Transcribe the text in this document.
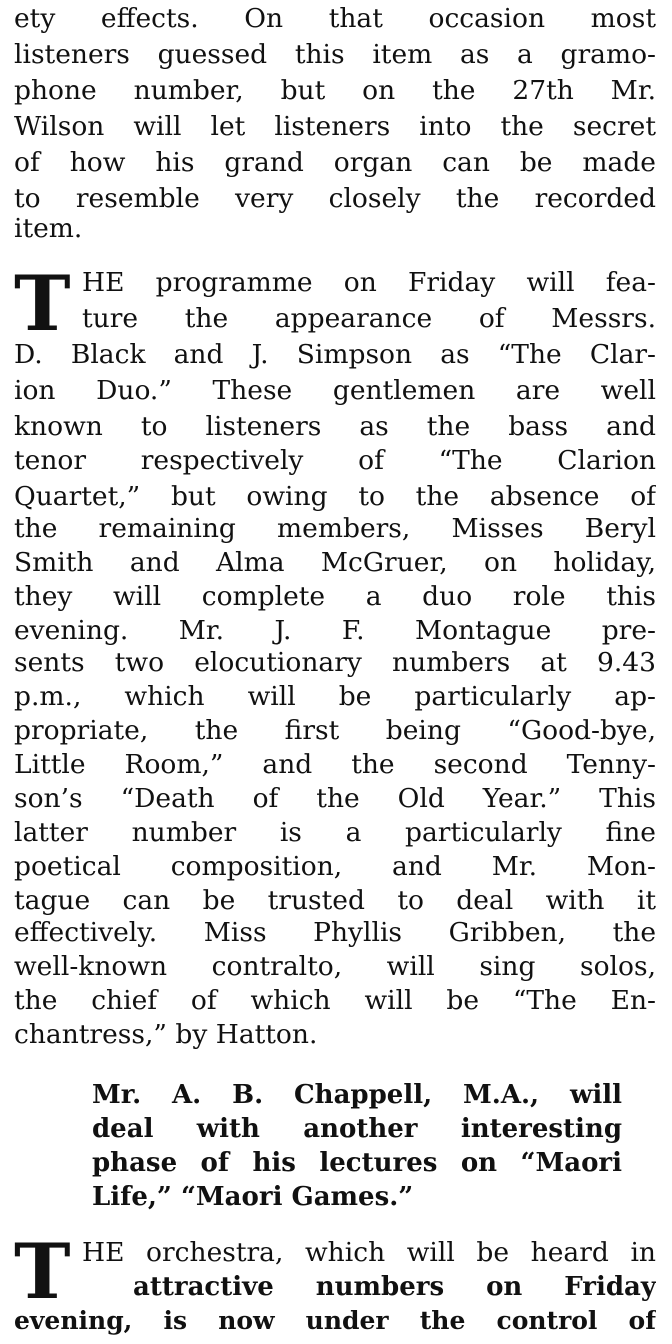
ety effects. On that occasion most
listeners guessed this item as a gramo-
phone number, but on the 27th Mr.
Wilson will let listeners into the secret
of how his grand organ can be made
to resemble very closely the recorded
item.
T HE programme on Friday will fea-
ture the appearance of Messrs.
D. Black and J. Simpson as “The Clar-
ion Duo.” These gentlemen are well
known to listeners as the bass and
tenor respectively of “The Clarion
Quartet,” but owing to the absence of
the remaining members, Misses Beryl
Smith and Alma McGruer, on holiday,
they will complete a duo role this
evening. Mr. J. F. Montague pre-
sents two elocutionary numbers at 9.43
p.m., which will be particularly ap-
propriate, the first being “Good-bye,
Little Room,” and the second Tenny-
son’s “Death of the Old Year.” This
latter number is a particularly fine
poetical composition, and Mr. Mon-
tague can be trusted to deal with it
effectively. Miss Phyllis Gribben, the
well-known contralto, will sing solos,
the chief of which will be “The En-
chantress,” by Hatton.
Mr. A. B. Chappell, M.A., will
deal with another interesting
phase of his lectures on “Maori
Life,” “Maori Games.”
T HE orchestra, which will be heard in
attractive numbers on Friday
evening, is now under the control of
